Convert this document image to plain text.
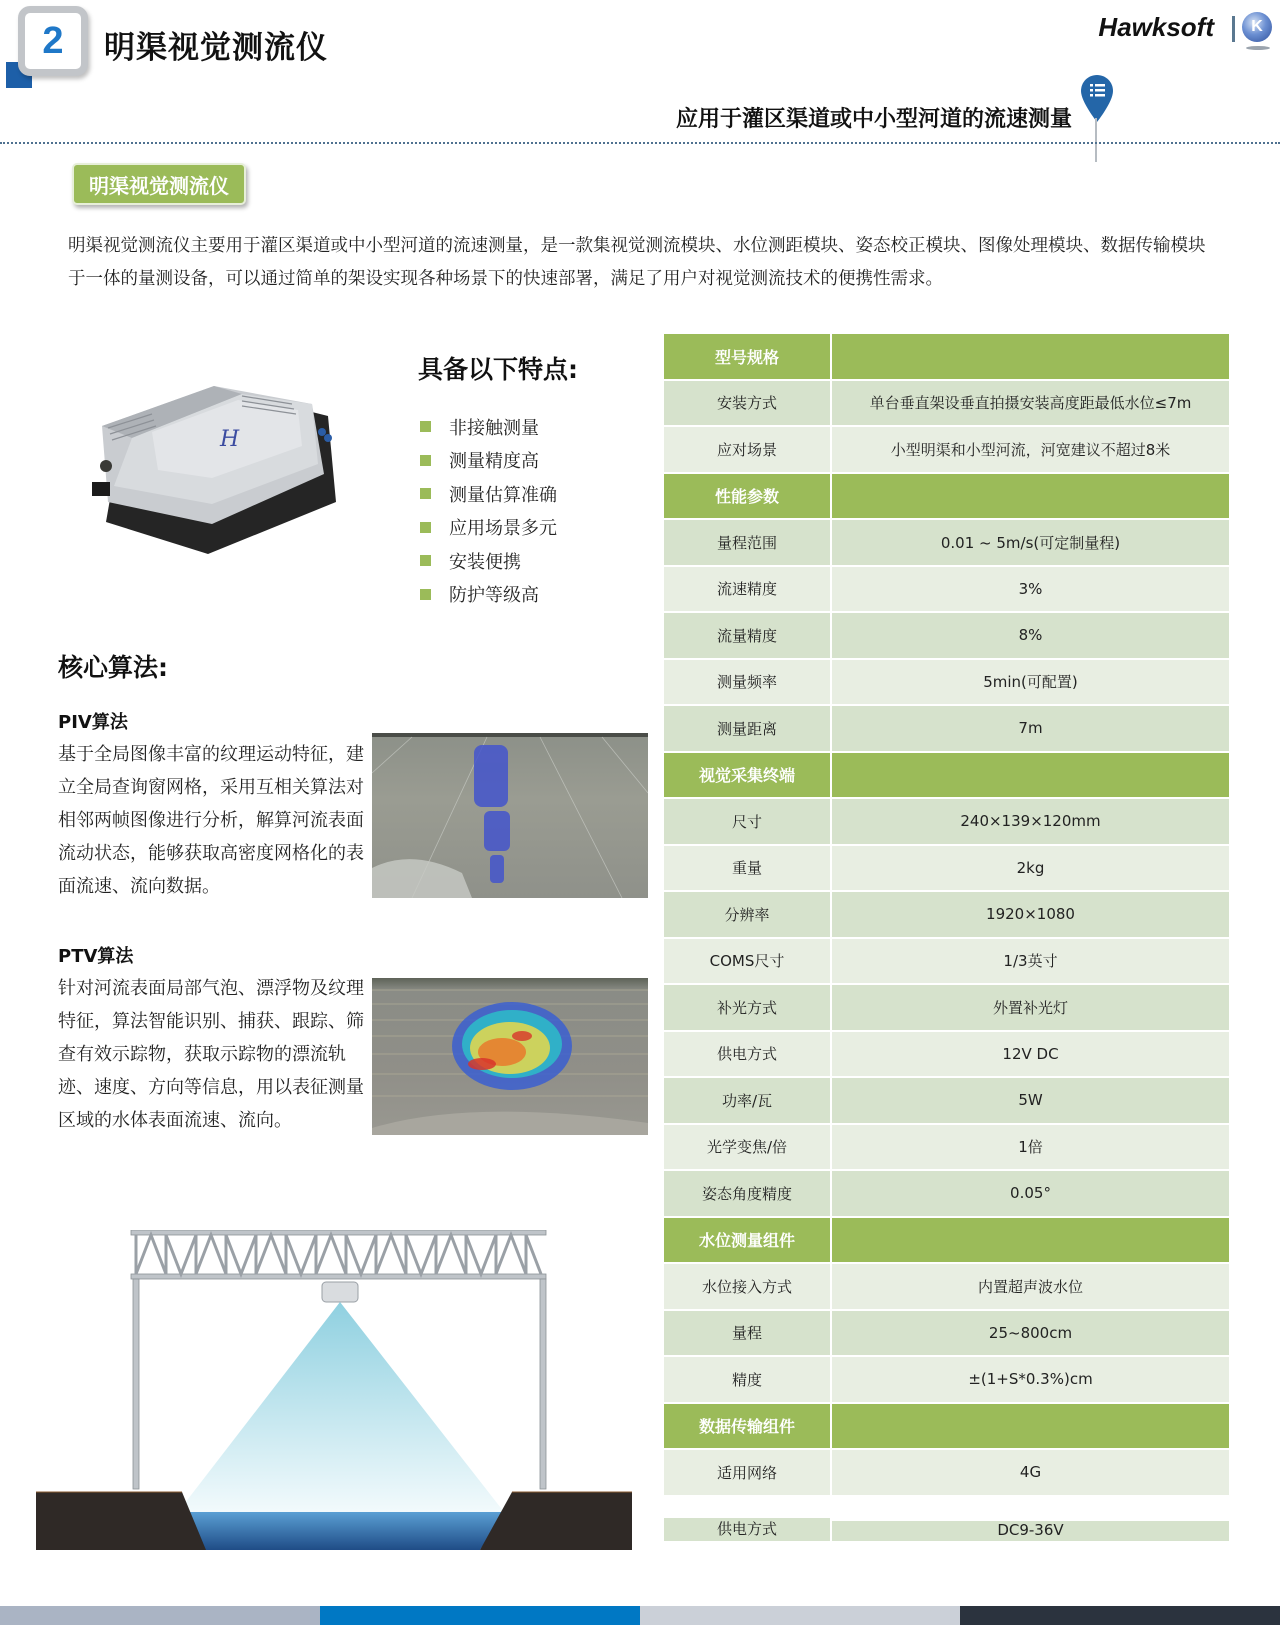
2 明渠视觉测流仪
Hawksoft K
应用于灌区渠道或中小型河道的流速测量
明渠视觉测流仪

明渠视觉测流仪主要用于灌区渠道或中小型河道的流速测量，是一款集视觉测流模块、水位测距模块、姿态校正模块、图像处理模块、数据传输模块于一体的量测设备，可以通过简单的架设实现各种场景下的快速部署，满足了用户对视觉测流技术的便携性需求。

H
具备以下特点:
非接触测量
测量精度高
测量估算准确
应用场景多元
安装便携
防护等级高
核心算法:
PIV算法

基于全局图像丰富的纹理运动特征，建立全局查询窗网格，采用互相关算法对相邻两帧图像进行分析，解算河流表面流动状态，能够获取高密度网格化的表面流速、流向数据。

PTV算法

针对河流表面局部气泡、漂浮物及纹理特征，算法智能识别、捕获、跟踪、筛查有效示踪物，获取示踪物的漂流轨迹、速度、方向等信息，用以表征测量区域的水体表面流速、流向。

型号规格
安装方式	单台垂直架设垂直拍摄安装高度距最低水位≤7m
应对场景	小型明渠和小型河流，河宽建议不超过8米
性能参数
量程范围	0.01 ~ 5m/s(可定制量程)
流速精度	3%
流量精度	8%
测量频率	5min(可配置)
测量距离	7m
视觉采集终端
尺寸	240×139×120mm
重量	2kg
分辨率	1920×1080
COMS尺寸	1/3英寸
补光方式	外置补光灯
供电方式	12V DC
功率/瓦	5W
光学变焦/倍	1倍
姿态角度精度	0.05°
水位测量组件
水位接入方式	内置超声波水位
量程	25~800cm
精度	±(1+S*0.3%)cm
数据传输组件
适用网络	4G
供电方式	DC9-36V
